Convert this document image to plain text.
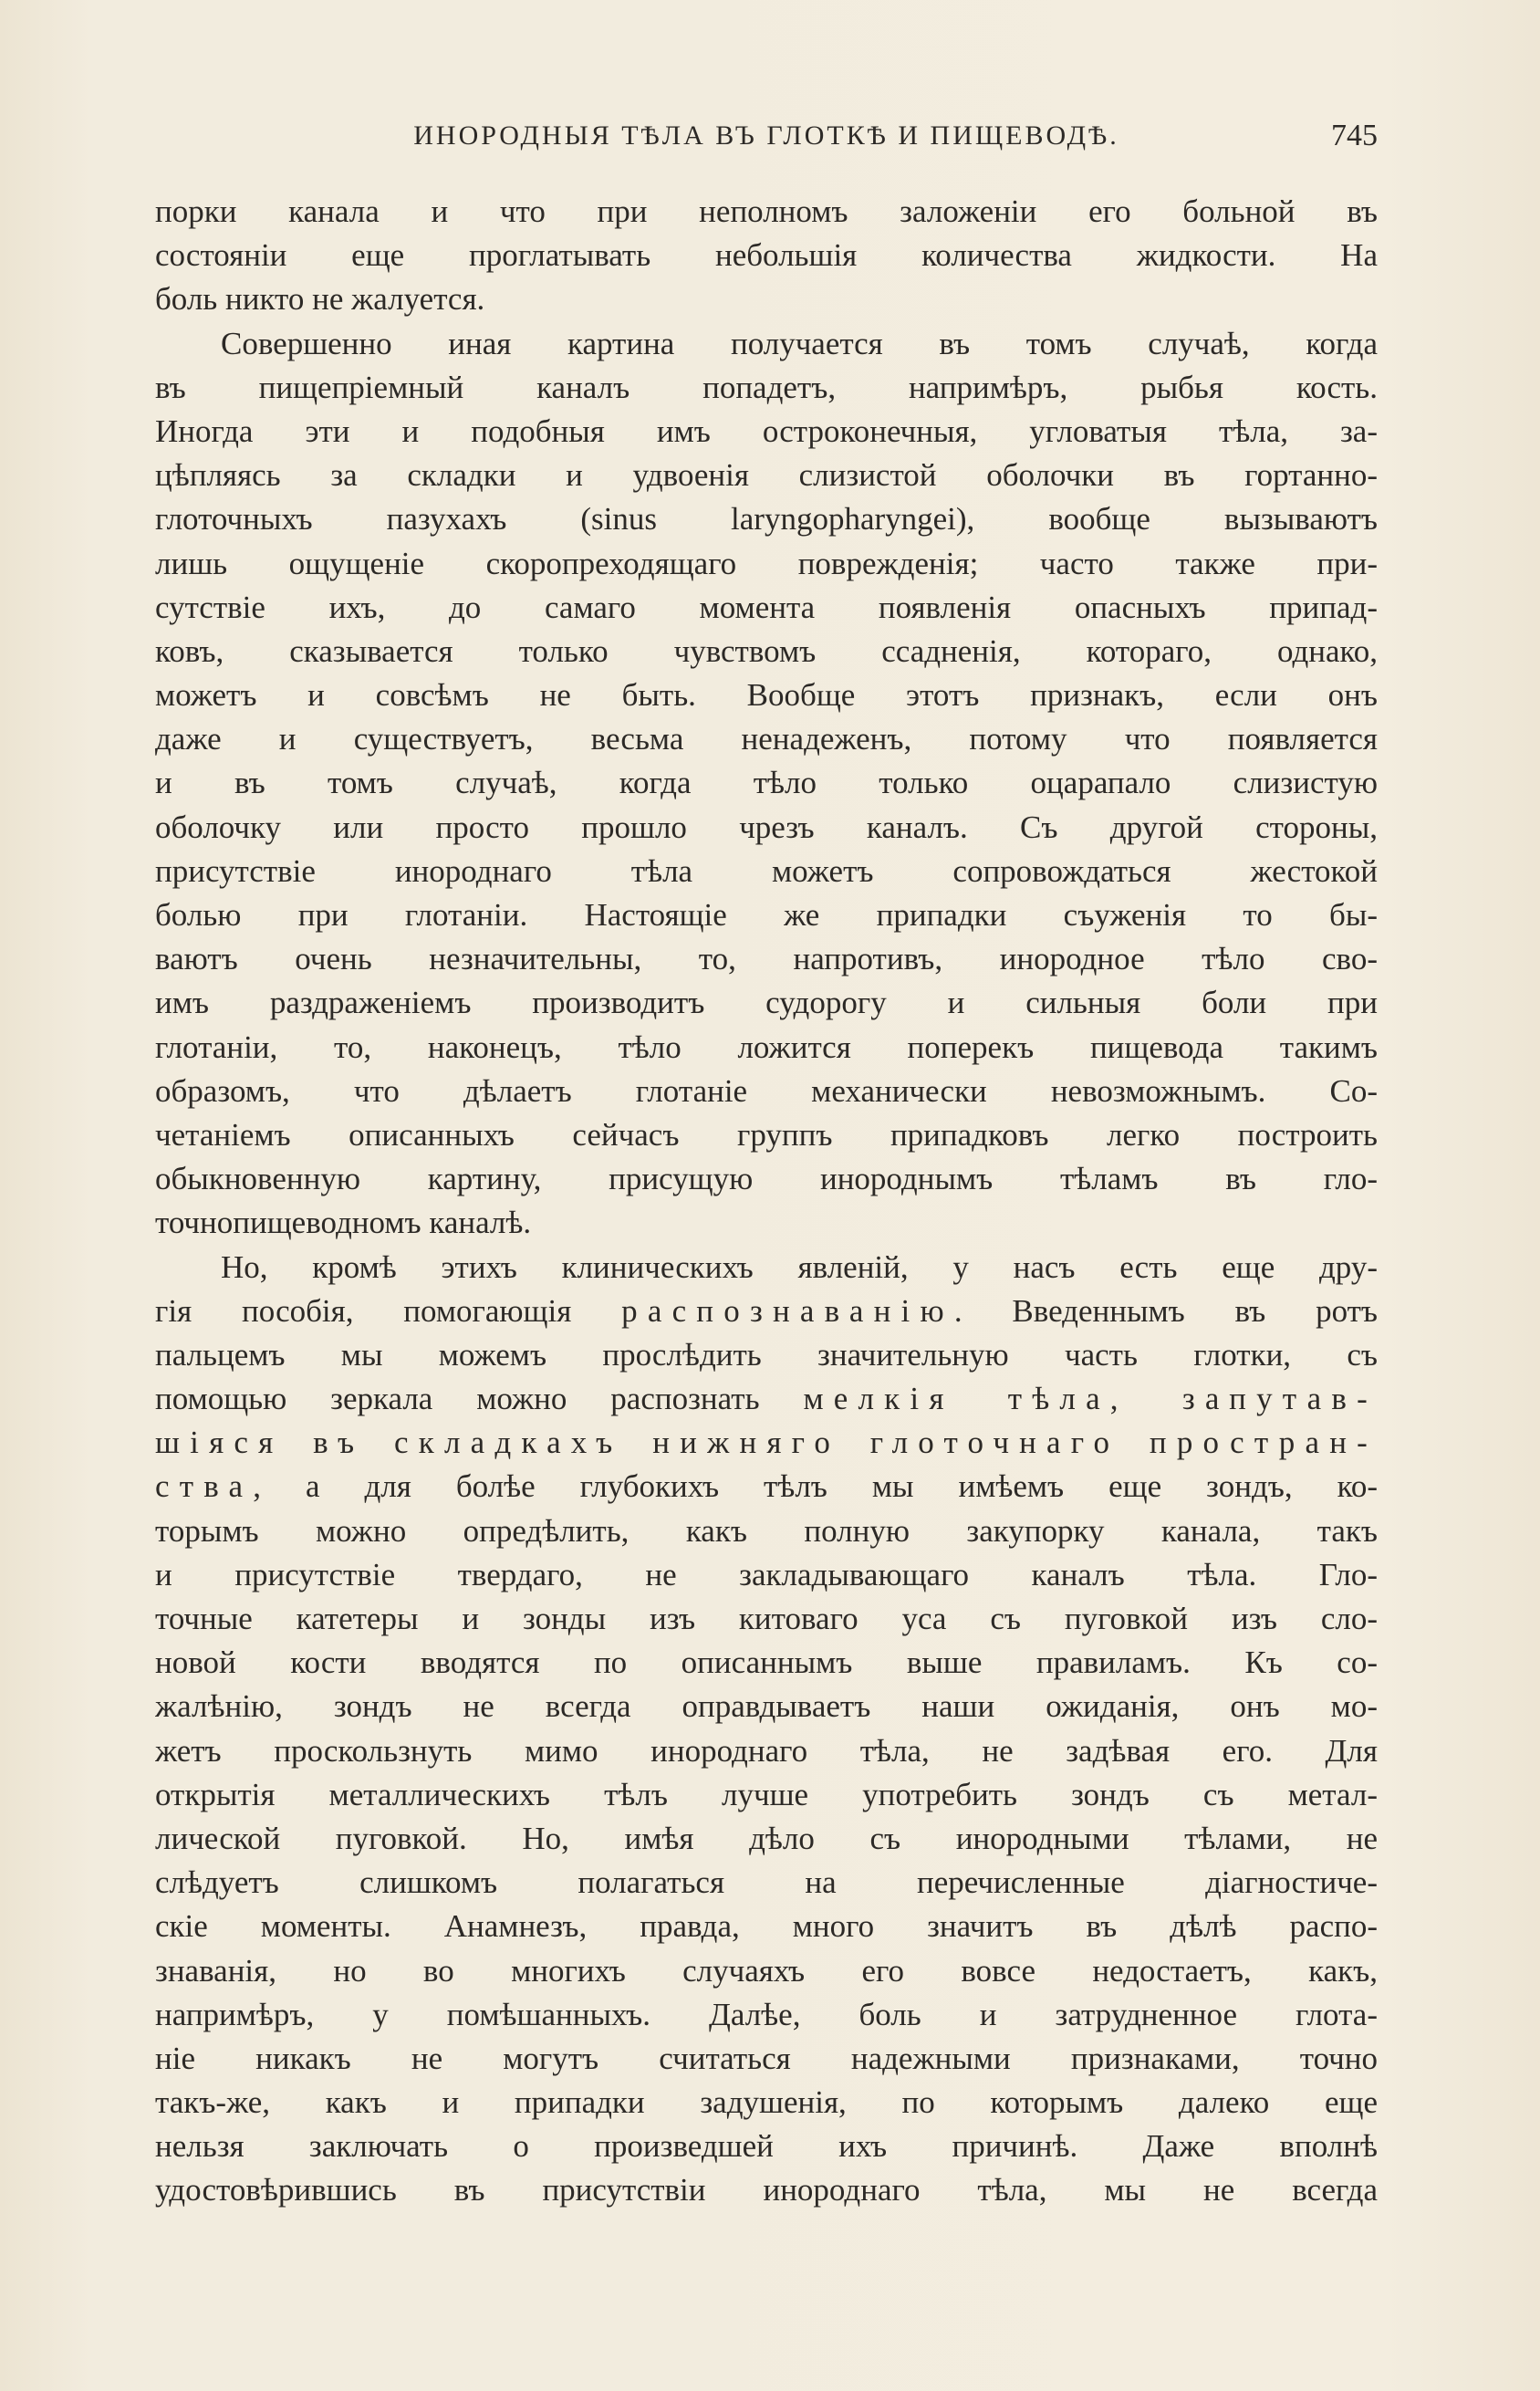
ИНОРОДНЫЯ ТѢЛА ВЪ ГЛОТКѢ И ПИЩЕВОДѢ.	745
порки канала и что при неполномъ заложеніи его больной въ
состояніи еще проглатывать небольшія количества жидкости. На
боль никто не жалуется.
Совершенно иная картина получается въ томъ случаѣ, когда
въ пищепріемный каналъ попадетъ, напримѣръ, рыбья кость.
Иногда эти и подобныя имъ остроконечныя, угловатыя тѣла, за-
цѣпляясь за складки и удвоенія слизистой оболочки въ гортанно-
глоточныхъ пазухахъ (sinus laryngopharyngei), вообще вызываютъ
лишь ощущеніе скоропреходящаго поврежденія; часто также при-
сутствіе ихъ, до самаго момента появленія опасныхъ припад-
ковъ, сказывается только чувствомъ ссадненія, котораго, однако,
можетъ и совсѣмъ не быть. Вообще этотъ признакъ, если онъ
даже и существуетъ, весьма ненадеженъ, потому что появляется
и въ томъ случаѣ, когда тѣло только оцарапало слизистую
оболочку или просто прошло чрезъ каналъ. Съ другой стороны,
присутствіе инороднаго тѣла можетъ сопровождаться жестокой
болью при глотаніи. Настоящіе же припадки съуженія то бы-
ваютъ очень незначительны, то, напротивъ, инородное тѣло сво-
имъ раздраженіемъ производитъ судорогу и сильныя боли при
глотаніи, то, наконецъ, тѣло ложится поперекъ пищевода такимъ
образомъ, что дѣлаетъ глотаніе механически невозможнымъ. Со-
четаніемъ описанныхъ сейчасъ группъ припадковъ легко построить
обыкновенную картину, присущую инороднымъ тѣламъ въ гло-
точнопищеводномъ каналѣ.
Но, кромѣ этихъ клиническихъ явленій, у насъ есть еще дру-
гія пособія, помогающія распознаванію. Введеннымъ въ ротъ
пальцемъ мы можемъ прослѣдить значительную часть глотки, съ
помощью зеркала можно распознать мелкія тѣла, запутав-
шіяся въ складкахъ нижняго глоточнаго простран-
ства, а для болѣе глубокихъ тѣлъ мы имѣемъ еще зондъ, ко-
торымъ можно опредѣлить, какъ полную закупорку канала, такъ
и присутствіе твердаго, не закладывающаго каналъ тѣла. Гло-
точные катетеры и зонды изъ китоваго уса съ пуговкой изъ сло-
новой кости вводятся по описаннымъ выше правиламъ. Къ со-
жалѣнію, зондъ не всегда оправдываетъ наши ожиданія, онъ мо-
жетъ проскользнуть мимо инороднаго тѣла, не задѣвая его. Для
открытія металлическихъ тѣлъ лучше употребить зондъ съ метал-
лической пуговкой. Но, имѣя дѣло съ инородными тѣлами, не
слѣдуетъ слишкомъ полагаться на перечисленные діагностиче-
скіе моменты. Анамнезъ, правда, много значитъ въ дѣлѣ распо-
знаванія, но во многихъ случаяхъ его вовсе недостаетъ, какъ,
напримѣръ, у помѣшанныхъ. Далѣе, боль и затрудненное глота-
ніе никакъ не могутъ считаться надежными признаками, точно
такъ-же, какъ и припадки задушенія, по которымъ далеко еще
нельзя заключать о произведшей ихъ причинѣ. Даже вполнѣ
удостовѣрившись въ присутствіи инороднаго тѣла, мы не всегда
